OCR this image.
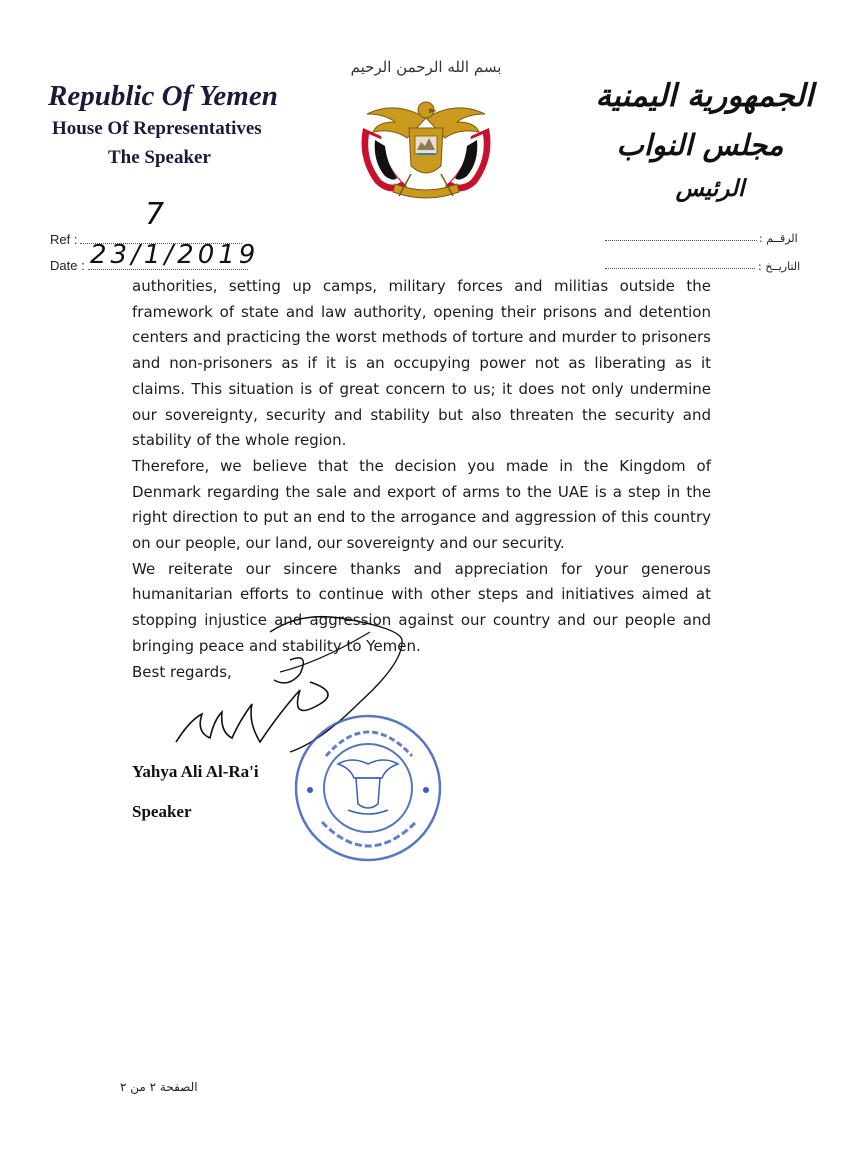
Republic Of Yemen
House Of Representatives
The Speaker
بسم الله الرحمن الرحيم
الجمهورية اليمنية
مجلس النواب
الرئيس
Ref :
7
Date : 23/1/2019
الرقــم :
التاريــخ :

authorities, setting up camps, military forces and militias outside the framework of state and law authority, opening their prisons and detention centers and practicing the worst methods of torture and murder to prisoners and non-prisoners as if it is an occupying power not as liberating as it claims. This situation is of great concern to us; it does not only undermine our sovereignty, security and stability but also threaten the security and stability of the whole region.

Therefore, we believe that the decision you made in the Kingdom of Denmark regarding the sale and export of arms to the UAE is a step in the right direction to put an end to the arrogance and aggression of this country on our people, our land, our sovereignty and our security.

We reiterate our sincere thanks and appreciation for your generous humanitarian efforts to continue with other steps and initiatives aimed at stopping injustice and aggression against our country and our people and bringing peace and stability to Yemen.

Best regards,

Yahya Ali Al-Ra'i
Speaker
الصفحة ٢ من ٢
